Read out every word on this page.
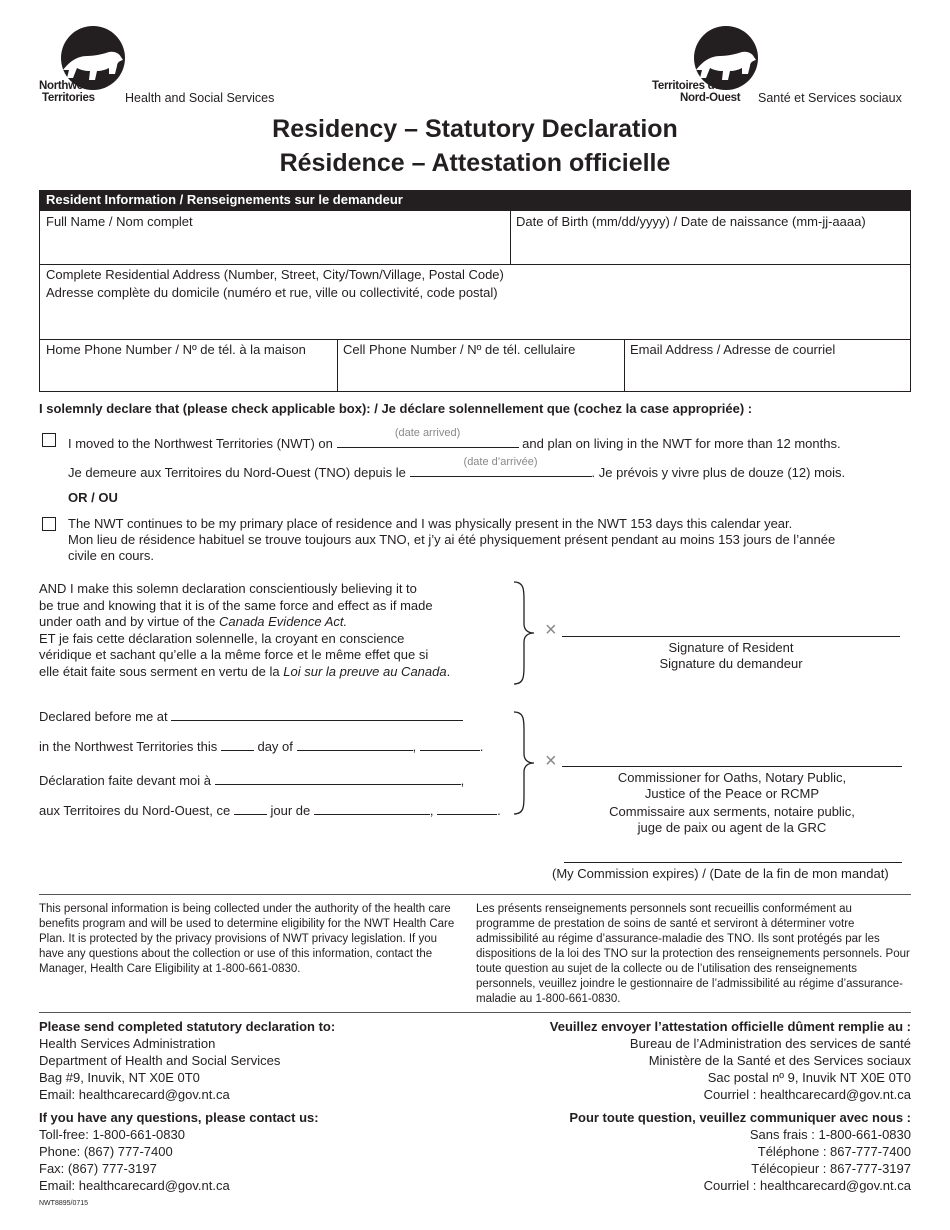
Northwest
Territories Health and Social Services
Territoires du
Nord-Ouest Santé et Services sociaux
Residency – Statutory Declaration
Résidence – Attestation officielle
Resident Information / Renseignements sur le demandeur
Full Name / Nom complet	Date of Birth (mm/dd/yyyy) / Date de naissance (mm-jj-aaaa)
Complete Residential Address (Number, Street, City/Town/Village, Postal Code)
Adresse complète du domicile (numéro et rue, ville ou collectivité, code postal)
Home Phone Number / Nº de tél. à la maison	Cell Phone Number / Nº de tél. cellulaire	Email Address / Adresse de courriel
I solemnly declare that (please check applicable box): / Je déclare solennellement que (cochez la case appropriée) :
I moved to the Northwest Territories (NWT) on
(date arrived)
and plan on living in the NWT for more than 12 months.
Je demeure aux Territoires du Nord-Ouest (TNO) depuis le
(date d’arrivée)
. Je prévois y vivre plus de douze (12) mois.
OR / OU
The NWT continues to be my primary place of residence and I was physically present in the NWT 153 days this calendar year.
Mon lieu de résidence habituel se trouve toujours aux TNO, et j’y ai été physiquement présent pendant au moins 153 jours de l’année
civile en cours.
AND I make this solemn declaration conscientiously believing it to
be true and knowing that it is of the same force and effect as if made
under oath and by virtue of the Canada Evidence Act.
ET je fais cette déclaration solennelle, la croyant en conscience
véridique et sachant qu’elle a la même force et le même effet que si
elle était faite sous serment en vertu de la Loi sur la preuve au Canada.
×
Signature of Resident
Signature du demandeur
Declared before me at
in the Northwest Territories this	day of	,	.
Déclaration faite devant moi à	,
aux Territoires du Nord-Ouest, ce	jour de	,	.
×
Commissioner for Oaths, Notary Public,
Justice of the Peace or RCMP
Commissaire aux serments, notaire public,
juge de paix ou agent de la GRC
(My Commission expires) / (Date de la fin de mon mandat)
This personal information is being collected under the authority of the health care benefits program and will be used to determine eligibility for the NWT Health Care Plan. It is protected by the privacy provisions of NWT privacy legislation. If you have any questions about the collection or use of this information, contact the Manager, Health Care Eligibility at 1-800-661-0830.
Les présents renseignements personnels sont recueillis conformément au programme de prestation de soins de santé et serviront à déterminer votre admissibilité au régime d’assurance-maladie des TNO. Ils sont protégés par les dispositions de la loi des TNO sur la protection des renseignements personnels. Pour toute question au sujet de la collecte ou de l’utilisation des renseignements personnels, veuillez joindre le gestionnaire de l’admissibilité au régime d’assurance-maladie au 1-800-661-0830.
Please send completed statutory declaration to:
Health Services Administration
Department of Health and Social Services
Bag #9, Inuvik, NT X0E 0T0
Email: healthcarecard@gov.nt.ca
If you have any questions, please contact us:
Toll-free: 1-800-661-0830
Phone: (867) 777-7400
Fax: (867) 777-3197
Email: healthcarecard@gov.nt.ca
Veuillez envoyer l’attestation officielle dûment remplie au :
Bureau de l’Administration des services de santé
Ministère de la Santé et des Services sociaux
Sac postal nº 9, Inuvik NT X0E 0T0
Courriel : healthcarecard@gov.nt.ca
Pour toute question, veuillez communiquer avec nous :
Sans frais : 1-800-661-0830
Téléphone : 867-777-7400
Télécopieur : 867-777-3197
Courriel : healthcarecard@gov.nt.ca
NWT8895/0715
